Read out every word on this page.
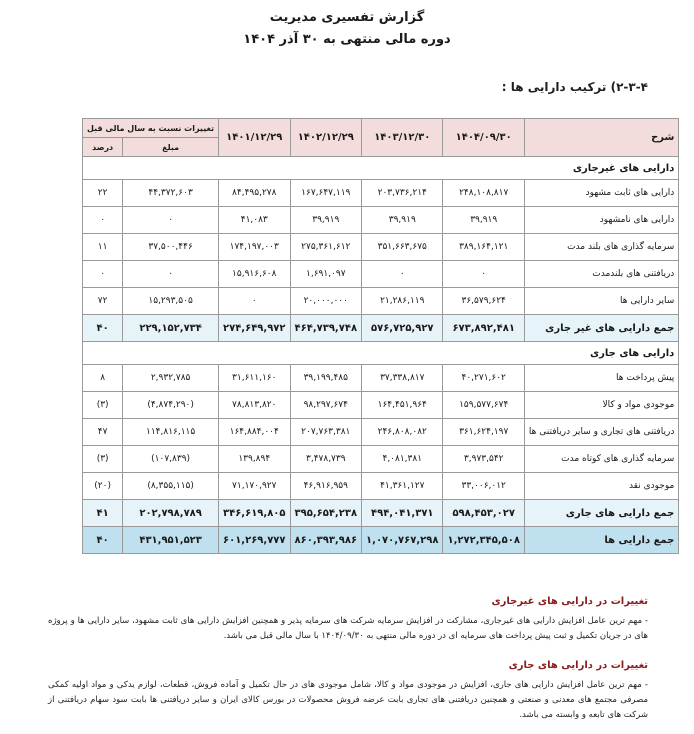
گزارش تفسیری مدیریت
دوره مالی منتهی به ۳۰ آذر ۱۴۰۴
۲-۳-۴) ترکیب دارایی ها :
شرح	۱۴۰۴/۰۹/۳۰	۱۴۰۳/۱۲/۳۰	۱۴۰۲/۱۲/۲۹	۱۴۰۱/۱۲/۲۹	تغییرات نسبت به سال مالی قبل	
					مبلغ	درصد
دارایی های غیرجاری						
دارایی های ثابت مشهود	۲۴۸,۱۰۸,۸۱۷	۲۰۳,۷۳۶,۲۱۴	۱۶۷,۶۴۷,۱۱۹	۸۴,۴۹۵,۲۷۸	۴۴,۳۷۲,۶۰۳	۲۲
دارایی های نامشهود	۳۹,۹۱۹	۳۹,۹۱۹	۳۹,۹۱۹	۴۱,۰۸۳	۰	۰
سرمایه گذاری های بلند مدت	۳۸۹,۱۶۴,۱۲۱	۳۵۱,۶۶۳,۶۷۵	۲۷۵,۳۶۱,۶۱۲	۱۷۴,۱۹۷,۰۰۳	۳۷,۵۰۰,۴۴۶	۱۱
دریافتنی های بلندمدت	۰	۰	۱,۶۹۱,۰۹۷	۱۵,۹۱۶,۶۰۸	۰	۰
سایر دارایی ها	۳۶,۵۷۹,۶۲۴	۲۱,۲۸۶,۱۱۹	۲۰,۰۰۰,۰۰۰	۰	۱۵,۲۹۳,۵۰۵	۷۲
جمع دارایی های غیر جاری	۶۷۳,۸۹۲,۴۸۱	۵۷۶,۷۲۵,۹۲۷	۴۶۴,۷۳۹,۷۴۸	۲۷۴,۶۴۹,۹۷۲	۲۲۹,۱۵۲,۷۳۴	۴۰
دارایی های جاری						
پیش پرداخت ها	۴۰,۲۷۱,۶۰۲	۳۷,۳۳۸,۸۱۷	۳۹,۱۹۹,۴۸۵	۳۱,۶۱۱,۱۶۰	۲,۹۳۲,۷۸۵	۸
موجودی مواد و کالا	۱۵۹,۵۷۷,۶۷۴	۱۶۴,۴۵۱,۹۶۴	۹۸,۲۹۷,۶۷۴	۷۸,۸۱۳,۸۲۰	(۴,۸۷۴,۲۹۰)	(۳)
دریافتنی های تجاری و سایر دریافتنی ها	۳۶۱,۶۲۴,۱۹۷	۲۴۶,۸۰۸,۰۸۲	۲۰۷,۷۶۳,۳۸۱	۱۶۴,۸۸۴,۰۰۴	۱۱۴,۸۱۶,۱۱۵	۴۷
سرمایه گذاری های کوتاه مدت	۳,۹۷۳,۵۴۲	۴,۰۸۱,۳۸۱	۳,۴۷۸,۷۳۹	۱۳۹,۸۹۴	(۱۰۷,۸۳۹)	(۳)
موجودی نقد	۳۳,۰۰۶,۰۱۲	۴۱,۳۶۱,۱۲۷	۴۶,۹۱۶,۹۵۹	۷۱,۱۷۰,۹۲۷	(۸,۳۵۵,۱۱۵)	(۲۰)
جمع دارایی های جاری	۵۹۸,۴۵۳,۰۲۷	۴۹۴,۰۴۱,۳۷۱	۳۹۵,۶۵۴,۲۳۸	۳۴۶,۶۱۹,۸۰۵	۲۰۲,۷۹۸,۷۸۹	۴۱
جمع دارایی ها	۱,۲۷۲,۳۴۵,۵۰۸	۱,۰۷۰,۷۶۷,۲۹۸	۸۶۰,۳۹۳,۹۸۶	۶۰۱,۲۶۹,۷۷۷	۴۳۱,۹۵۱,۵۲۳	۴۰
تغییرات در دارایی های غیرجاری
- مهم ترین عامل افزایش دارایی های غیرجاری، مشارکت در افزایش سرمایه شرکت های سرمایه پذیر و همچنین افزایش دارایی های ثابت مشهود، سایر دارایی ها و پروژه های در جریان تکمیل و ثبت پیش پرداخت های سرمایه ای در دوره مالی منتهی به ۱۴۰۴/۰۹/۳۰ با سال مالی قبل می باشد.
تغییرات در دارایی های جاری
- مهم ترین عامل افزایش دارایی های جاری، افزایش در موجودی مواد و کالا، شامل موجودی های در حال تکمیل و آماده فروش، قطعات، لوازم یدکی و مواد اولیه کمکی مصرفی مجتمع های معدنی و صنعتی و همچنین دریافتنی های تجاری بابت عرضه فروش محصولات در بورس کالای ایران و سایر دریافتنی ها بابت سود سهام دریافتنی از شرکت های تابعه و وابسته می باشد.
